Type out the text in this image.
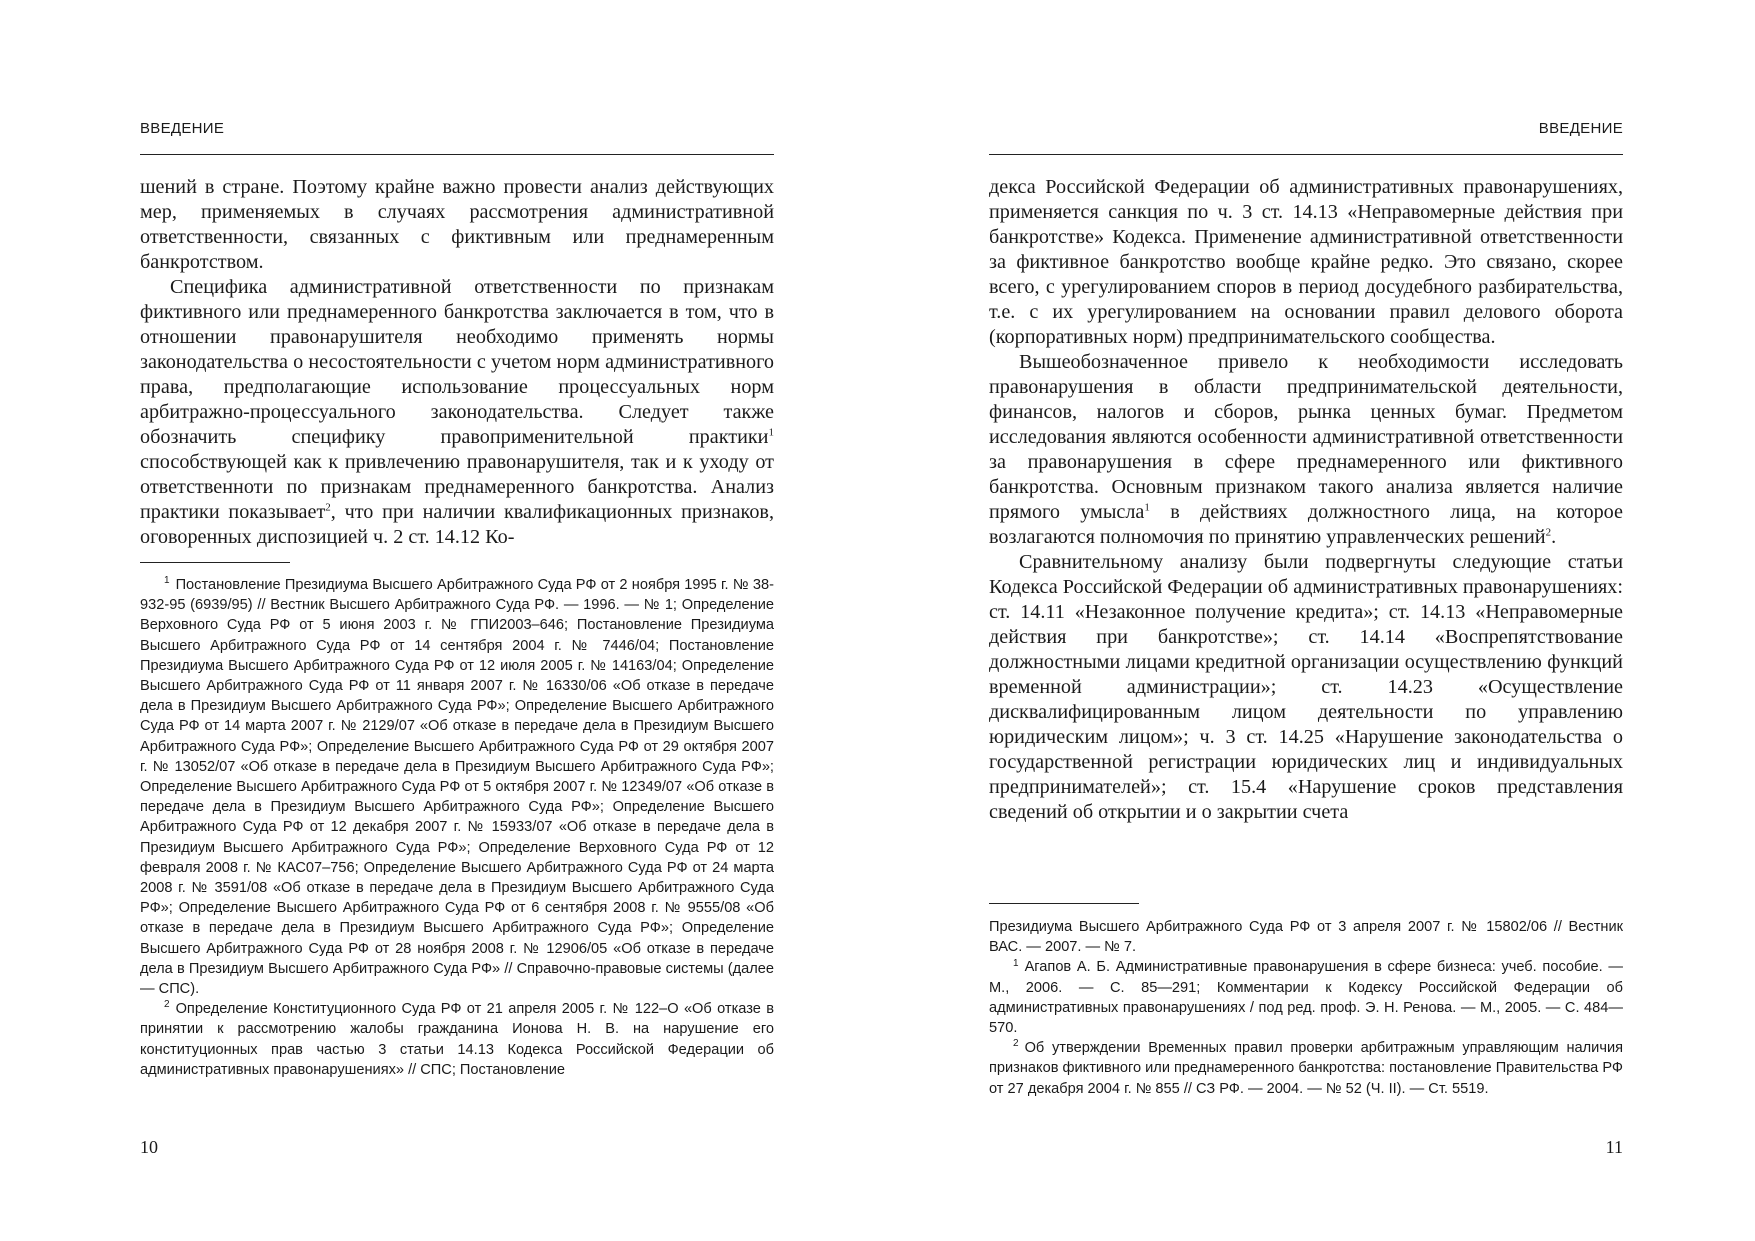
ВВЕДЕНИЕ

шений в стране. Поэтому крайне важно провести анализ действующих мер, применяемых в случаях рассмотрения административной ответственности, связанных с фиктивным или преднамеренным банкротством.

Специфика административной ответственности по признакам фиктивного или преднамеренного банкротства заключается в том, что в отношении правонарушителя необходимо применять нормы законодательства о несостоятельности с учетом норм административного права, предполагающие использование процессуальных норм арбитражно-процессуального законодательства. Следует также обозначить специфику правоприменительной практики$^1$ способствующей как к привлечению правонарушителя, так и к уходу от ответственноти по признакам преднамеренного банкротства. Анализ практики показывает$^2$, что при наличии квалификационных признаков, оговоренных диспозицией ч. 2 ст. 14.12 Ко-

$^1$ Постановление Президиума Высшего Арбитражного Суда РФ от 2 ноября 1995 г. № 38-932-95 (6939/95) // Вестник Высшего Арбитражного Суда РФ. — 1996. — № 1; Определение Верховного Суда РФ от 5 июня 2003 г. № ГПИ2003–646; Постановление Президиума Высшего Арбитражного Суда РФ от 14 сентября 2004 г. № 7446/04; Постановление Президиума Высшего Арбитражного Суда РФ от 12 июля 2005 г. № 14163/04; Определение Высшего Арбитражного Суда РФ от 11 января 2007 г. № 16330/06 «Об отказе в передаче дела в Президиум Высшего Арбитражного Суда РФ»; Определение Высшего Арбитражного Суда РФ от 14 марта 2007 г. № 2129/07 «Об отказе в передаче дела в Президиум Высшего Арбитражного Суда РФ»; Определение Высшего Арбитражного Суда РФ от 29 октября 2007 г. № 13052/07 «Об отказе в передаче дела в Президиум Высшего Арбитражного Суда РФ»; Определение Высшего Арбитражного Суда РФ от 5 октября 2007 г. № 12349/07 «Об отказе в передаче дела в Президиум Высшего Арбитражного Суда РФ»; Определение Высшего Арбитражного Суда РФ от 12 декабря 2007 г. № 15933/07 «Об отказе в передаче дела в Президиум Высшего Арбитражного Суда РФ»; Определение Верховного Суда РФ от 12 февраля 2008 г. № КАС07–756; Определение Высшего Арбитражного Суда РФ от 24 марта 2008 г. № 3591/08 «Об отказе в передаче дела в Президиум Высшего Арбитражного Суда РФ»; Определение Высшего Арбитражного Суда РФ от 6 сентября 2008 г. № 9555/08 «Об отказе в передаче дела в Президиум Высшего Арбитражного Суда РФ»; Определение Высшего Арбитражного Суда РФ от 28 ноября 2008 г. № 12906/05 «Об отказе в передаче дела в Президиум Высшего Арбитражного Суда РФ» // Справочно-правовые системы (далее — СПС).

$^2$ Определение Конституционного Суда РФ от 21 апреля 2005 г. № 122–О «Об отказе в принятии к рассмотрению жалобы гражданина Ионова Н. В. на нарушение его конституционных прав частью 3 статьи 14.13 Кодекса Российской Федерации об административных правонарушениях» // СПС; Постановление

10
ВВЕДЕНИЕ

декса Российской Федерации об административных правонарушениях, применяется санкция по ч. 3 ст. 14.13 «Неправомерные действия при банкротстве» Кодекса. Применение административной ответственности за фиктивное банкротство вообще крайне редко. Это связано, скорее всего, с урегулированием споров в период досудебного разбирательства, т.е. с их урегулированием на основании правил делового оборота (корпоративных норм) предпринимательского сообщества.

Вышеобозначенное привело к необходимости исследовать правонарушения в области предпринимательской деятельности, финансов, налогов и сборов, рынка ценных бумаг. Предметом исследования являются особенности административной ответственности за правонарушения в сфере преднамеренного или фиктивного банкротства. Основным признаком такого анализа является наличие прямого умысла$^1$ в действиях должностного лица, на которое возлагаются полномочия по принятию управленческих решений$^2$.

Сравнительному анализу были подвергнуты следующие статьи Кодекса Российской Федерации об административных правонарушениях: ст. 14.11 «Незаконное получение кредита»; ст. 14.13 «Неправомерные действия при банкротстве»; ст. 14.14 «Воспрепятствование должностными лицами кредитной организации осуществлению функций временной администрации»; ст. 14.23 «Осуществление дисквалифицированным лицом деятельности по управлению юридическим лицом»; ч. 3 ст. 14.25 «Нарушение законодательства о государственной регистрации юридических лиц и индивидуальных предпринимателей»; ст. 15.4 «Нарушение сроков представления сведений об открытии и о закрытии счета

Президиума Высшего Арбитражного Суда РФ от 3 апреля 2007 г. № 15802/06 // Вестник ВАС. — 2007. — № 7.

$^1$ Агапов А. Б. Административные правонарушения в сфере бизнеса: учеб. пособие. — М., 2006. — С. 85—291; Комментарии к Кодексу Российской Федерации об административных правонарушениях / под ред. проф. Э. Н. Ренова. — М., 2005. — С. 484—570.

$^2$ Об утверждении Временных правил проверки арбитражным управляющим наличия признаков фиктивного или преднамеренного банкротства: постановление Правительства РФ от 27 декабря 2004 г. № 855 // СЗ РФ. — 2004. — № 52 (Ч. II). — Ст. 5519.

11
